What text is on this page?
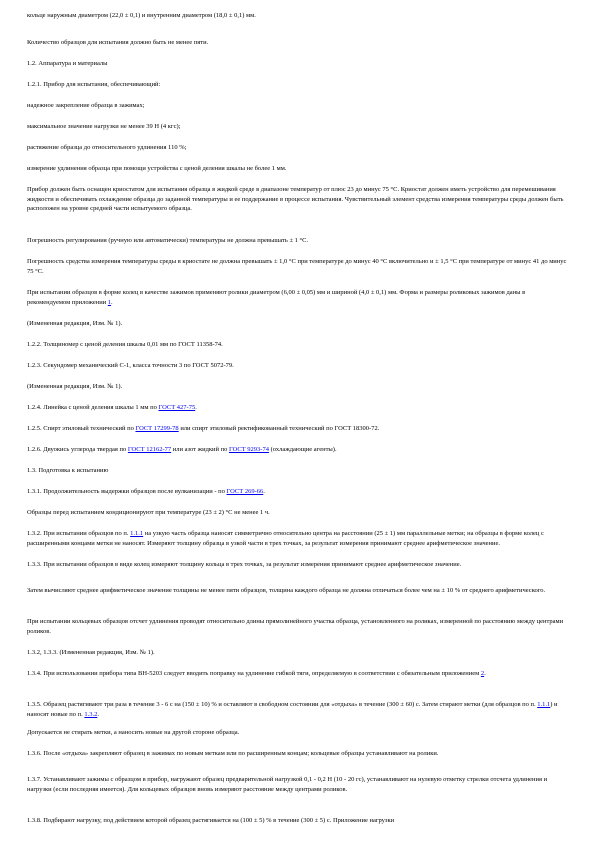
кольце наружным диаметром (22,0 ± 0,1) и внутренним диаметром (18,0 ± 0,1) мм.

Количество образцов для испытания должно быть не менее пяти.

1.2. Аппаратура и материалы

1.2.1. Прибор для испытания, обеспечивающий:

надежное закрепление образца в зажимах;

максимальное значение нагрузки не менее 39 Н (4 кгс);

растяжение образца до относительного удлинения 110 %;

измерение удлинения образца при помощи устройства с ценой деления шкалы не более 1 мм.

Прибор должен быть оснащен криостатом для испытания образца в жидкой среде в диапазоне температур от плюс 23 до минус 75 °С. Криостат должен иметь устройство для перемешивания жидкости и обеспечивать охлаждение образца до заданной температуры и ее поддержание в процессе испытания. Чувствительный элемент средства измерения температуры среды должен быть расположен на уровне средней части испытуемого образца.

Погрешность регулирования (ручную или автоматически) температуры не должна превышать ± 1 °С.

Погрешность средства измерения температуры среды в криостате не должна превышать ± 1,0 °С при температуре до минус 40 °С включительно и ± 1,5 °С при температуре от минус 41 до минус 75 °С.

При испытании образцов в форме колец в качестве зажимов применяют ролики диаметром (6,00 ± 0,05) мм и шириной (4,0 ± 0,1) мм. Форма и размеры роликовых зажимов даны в рекомендуемом приложении 1.

(Измененная редакция, Изм. № 1).

1.2.2. Толщиномер с ценой деления шкалы 0,01 мм по ГОСТ 11358-74.

1.2.3. Секундомер механический С-1, класса точности 3 по ГОСТ 5072-79.

(Измененная редакция, Изм. № 1).

1.2.4. Линейка с ценой деления шкалы 1 мм по ГОСТ 427-75.

1.2.5. Спирт этиловый технический по ГОСТ 17299-78 или спирт этиловый ректификованный технический по ГОСТ 18300-72.

1.2.6. Двуокись углерода твердая по ГОСТ 12162-77 или азот жидкий по ГОСТ 9293-74 (охлаждающие агенты).

1.3. Подготовка к испытанию

1.3.1. Продолжительность выдержки образцов после вулканизации - по ГОСТ 269-66.

Образцы перед испытанием кондиционируют при температуре (23 ± 2) °С не менее 1 ч.

1.3.2. При испытании образцов по п. 1.1.1 на узкую часть образца наносят симметрично относительно центра на расстоянии (25 ± 1) мм параллельные метки; на образцы в форме колец с расширенными концами метки не наносят. Измеряют толщину образца в узкой части в трех точках, за результат измерения принимают среднее арифметическое значение.

1.3.3. При испытании образцов в виде колец измеряют толщину кольца в трех точках, за результат измерения принимают среднее арифметическое значение.

Затем вычисляют среднее арифметическое значение толщины не менее пяти образцов, толщина каждого образца не должна отличаться более чем на ± 10 % от среднего арифметического.

При испытании кольцевых образцов отсчет удлинения проводят относительно длины прямолинейного участка образца, установленного на роликах, измеренной по расстоянию между центрами роликов.

1.3.2, 1.3.3. (Измененная редакция, Изм. № 1).

1.3.4. При использовании прибора типа ВН-5203 следует вводить поправку на удлинение гибкой тяги, определяемую в соответствии с обязательным приложением 2.

1.3.5. Образец растягивают три раза в течение 3 - 6 с на (150 ± 10) % и оставляют в свободном состоянии для «отдыха» в течение (300 ± 60) с. Затем стирают метки (для образцов по п. 1.1.1) и наносят новые по п. 1.3.2.

Допускается не стирать метки, а наносить новые на другой стороне образца.

1.3.6. После «отдыха» закрепляют образец в зажимах по новым меткам или по расширенным концам; кольцевые образцы устанавливают на ролики.

1.3.7. Устанавливают зажимы с образцом в прибор, нагружают образец предварительной нагрузкой 0,1 - 0,2 Н (10 - 20 гс), устанавливают на нулевую отметку стрелки отсчета удлинения и нагрузки (если последняя имеется). Для кольцевых образцов вновь измеряют расстояние между центрами роликов.

1.3.8. Подбирают нагрузку, под действием которой образец растягивается на (100 ± 5) % в течение (300 ± 5) с. Приложение нагрузки
